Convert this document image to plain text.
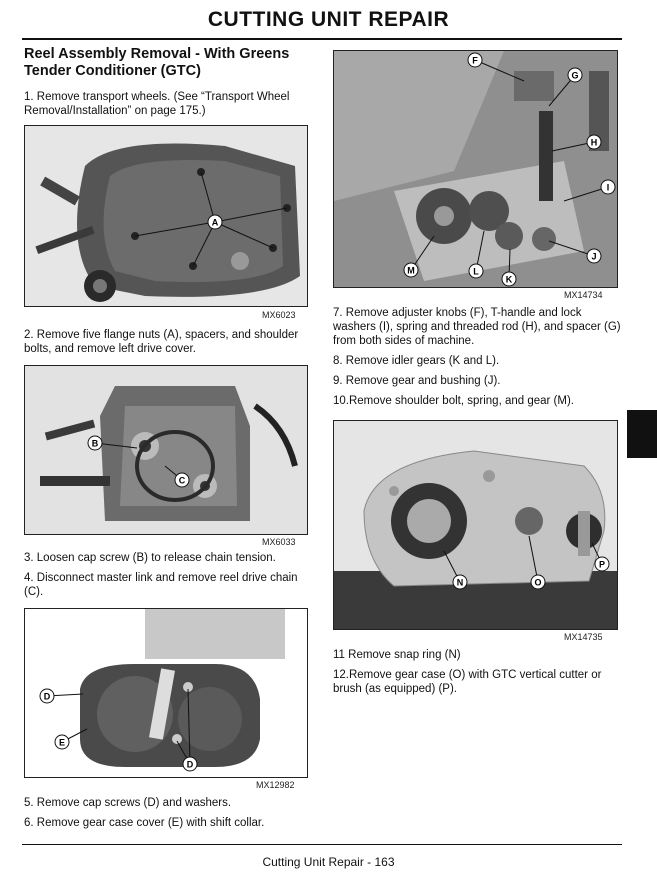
CUTTING UNIT REPAIR
Reel Assembly Removal - With Greens
Tender Conditioner (GTC)
1. Remove transport wheels. (See “Transport Wheel Removal/Installation” on page 175.)
A
MX6023
2. Remove five flange nuts (A), spacers, and shoulder bolts, and remove left drive cover.
B
C
MX6033
3. Loosen cap screw (B) to release chain tension.
4. Disconnect master link and remove reel drive chain (C).
D
E
D
MX12982
5. Remove cap screws (D) and washers.
6. Remove gear case cover (E) with shift collar.
F
G
H
I
J
K
L
M
MX14734
7. Remove adjuster knobs (F), T-handle and lock washers (I), spring and threaded rod (H), and spacer (G) from both sides of machine.
8. Remove idler gears (K and L).
9. Remove gear and bushing (J).
10.Remove shoulder bolt, spring, and gear (M).
N	O
P
MX14735
11 Remove snap ring (N)
12.Remove gear case (O) with GTC vertical cutter or brush (as equipped) (P).
Cutting Unit Repair - 163
